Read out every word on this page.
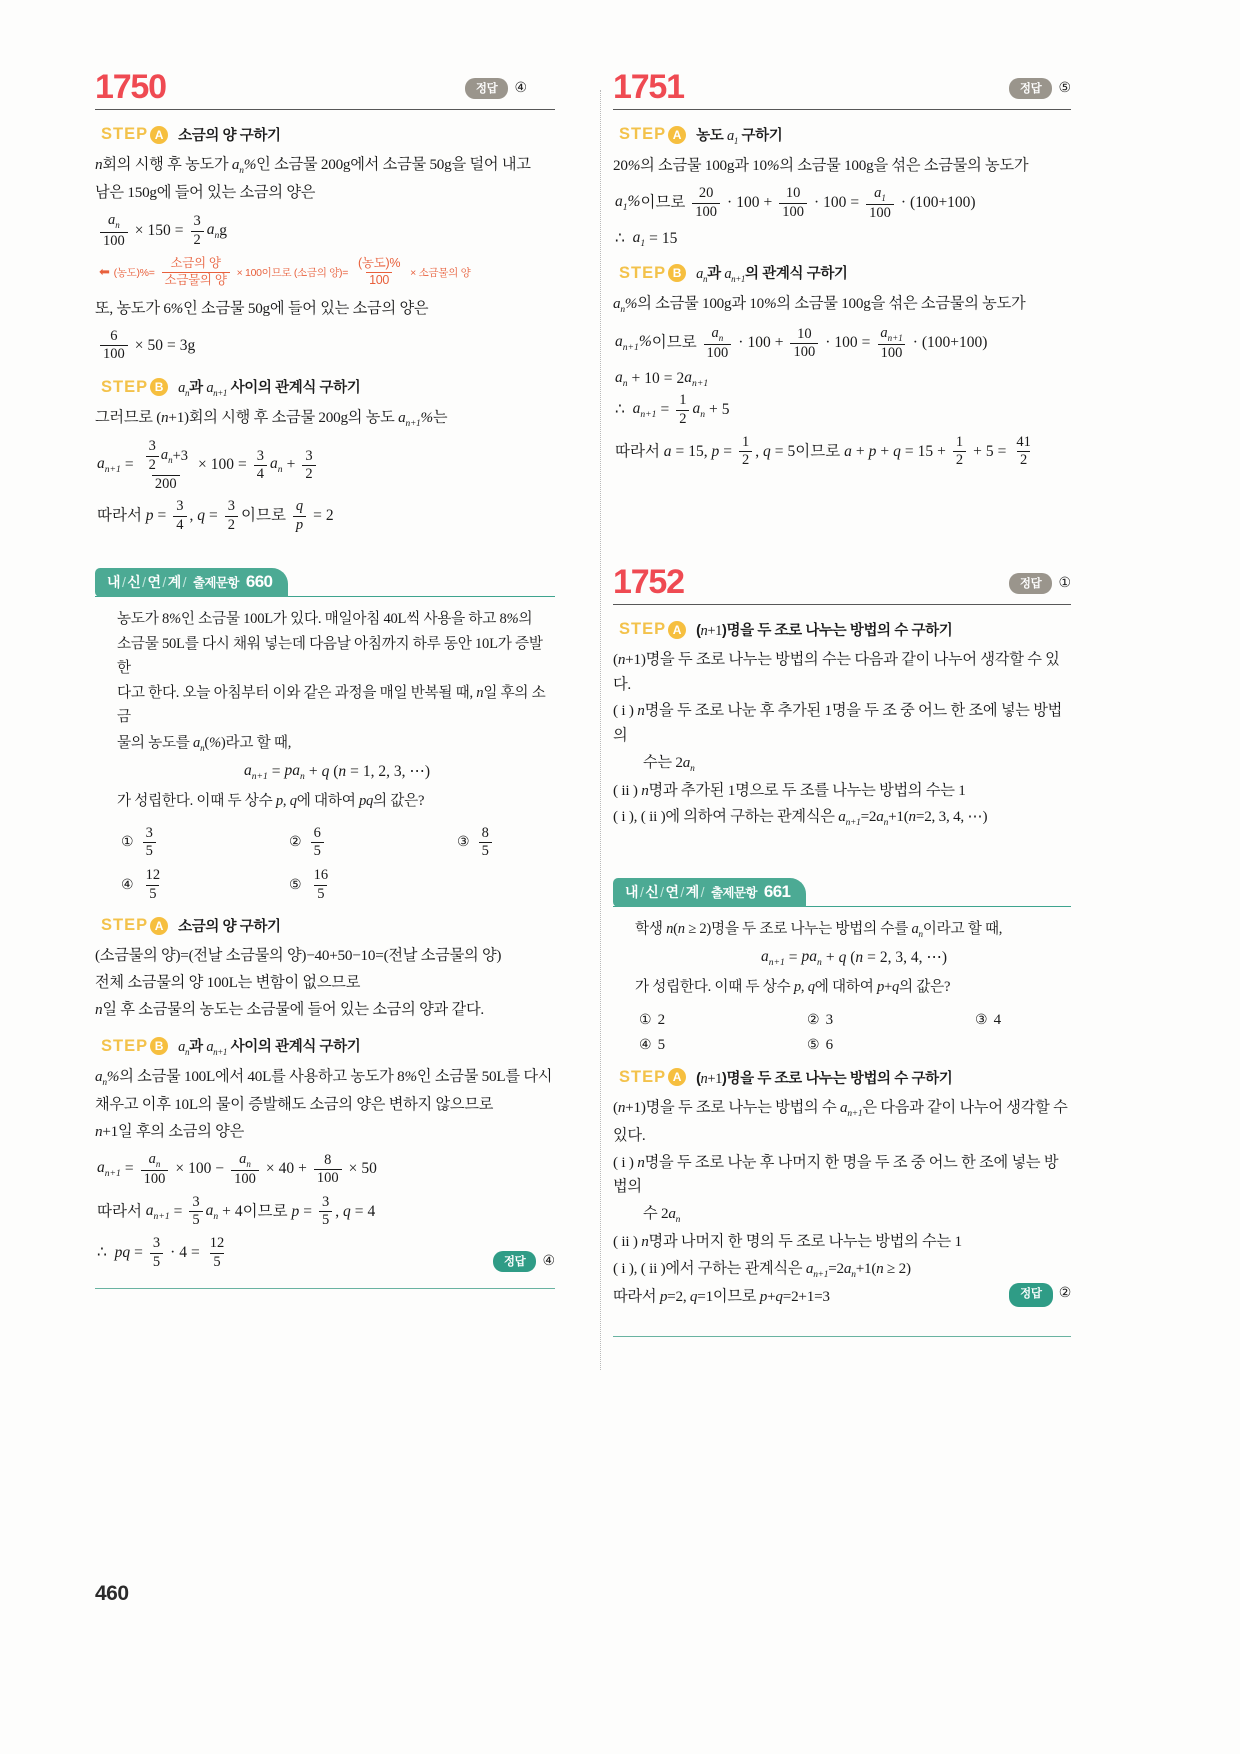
1750	정답	④
STEP A	소금의 양 구하기
n회의 시행 후 농도가 $a_n\%$인 소금물 200g에서 소금물 50g을 덜어 내고
남은 150g에 들어 있는 소금의 양은
$\frac{a_n}{100} \times 150 = \frac{3}{2} a_n$ g
⬅ (농도)%= $\frac{\text{소금의 양}}{\text{소금물의 양}} \times 100$이므로 (소금의 양)= $\frac{\text{(농도)\%}}{100}$ × 소금물의 양
또, 농도가 6%인 소금물 50g에 들어 있는 소금의 양은
$\frac{6}{100} \times 50 = 3g$
STEP B	$a_n$과 $a_{n+1}$ 사이의 관계식 구하기
그러므로 (n+1)회의 시행 후 소금물 200g의 농도 $a_{n+1}\%$는
$a_{n+1} = \frac{\frac{3}{2} a_n +3}{200} \times 100 = \frac{3}{4} a_n + \frac{3}{2}$
따라서 $p = \frac{3}{4}$ , $q = \frac{3}{2}$ 이므로 $\frac{q}{p} = 2$
내 / 신 / 연 / 계 / 출제문항 660
농도가 8%인 소금물 100L가 있다. 매일아침 40L씩 사용을 하고 8%의
소금물 50L를 다시 채워 넣는데 다음날 아침까지 하루 동안 10L가 증발한
다고 한다. 오늘 아침부터 이와 같은 과정을 매일 반복될 때, n일 후의 소금
물의 농도를 $a_n(\%)$라고 할 때,
$a_{n+1} = pa_n + q$ ( n = 1, 2, 3, ⋯)
가 성립한다. 이때 두 상수 p, q에 대하여 pq의 값은?
① $\frac{3}{5}$	② $\frac{6}{5}$	③ $\frac{8}{5}$
④ $\frac{12}{5}$	⑤ $\frac{16}{5}$
STEP A	소금의 양 구하기
(소금물의 양)=(전날 소금물의 양)−40+50−10=(전날 소금물의 양)
전체 소금물의 양 100L는 변함이 없으므로
n일 후 소금물의 농도는 소금물에 들어 있는 소금의 양과 같다.
STEP B	$a_n$과 $a_{n+1}$ 사이의 관계식 구하기
$a_n\%$의 소금물 100L에서 40L를 사용하고 농도가 8%인 소금물 50L를 다시
채우고 이후 10L의 물이 증발해도 소금의 양은 변하지 않으므로
n+1일 후의 소금의 양은
$a_{n+1} = \frac{a_n}{100} \times 100 - \frac{a_n}{100} \times 40 + \frac{8}{100} \times 50$
따라서 $a_{n+1} = \frac{3}{5} a_n + 4$이므로 $p = \frac{3}{5}$ , q = 4
∴ pq = $\frac{3}{5} \cdot 4 = \frac{12}{5}$	정답	④
1751	정답	⑤
STEP A	농도 $a_1$ 구하기
20%의 소금물 100g과 10%의 소금물 100g을 섞은 소금물의 농도가
$a_1\%$ 이므로 $\frac{20}{100} \cdot 100 + \frac{10}{100} \cdot 100 = \frac{a_1}{100} \cdot (100+100)$
∴ $a_1 = 15$
STEP B	$a_n$과 $a_{n+1}$의 관계식 구하기
$a_n\%$의 소금물 100g과 10%의 소금물 100g을 섞은 소금물의 농도가
$a_{n+1}\%$ 이므로 $\frac{a_n}{100} \cdot 100 + \frac{10}{100} \cdot 100 = \frac{a_{n+1}}{100} \cdot (100+100)$
$a_n + 10 = 2$ $a_{n+1}$
∴ $a_{n+1} = \frac{1}{2} a_n + 5$
따라서 a = 15, $p = \frac{1}{2}$ , q = 5이므로 $a + p + q = 15 + \frac{1}{2} + 5 = \frac{41}{2}$
1752	정답	①
STEP A	(n+1)명을 두 조로 나누는 방법의 수 구하기
(n+1)명을 두 조로 나누는 방법의 수는 다음과 같이 나누어 생각할 수 있다.
( i ) n명을 두 조로 나눈 후 추가된 1명을 두 조 중 어느 한 조에 넣는 방법의
수는 $2a_n$
( ii ) n명과 추가된 1명으로 두 조를 나누는 방법의 수는 1
( i ), ( ii )에 의하여 구하는 관계식은 $a_{n+1}=2a_n+1(n=2$, 3, 4, ⋯)
내 / 신 / 연 / 계 / 출제문항 661
학생 n(n ≥ 2)명을 두 조로 나누는 방법의 수를 $a_n$이라고 할 때,
$a_{n+1} = pa_n + q$ ( n = 2, 3, 4, ⋯)
가 성립한다. 이때 두 상수 p, q에 대하여 p+q의 값은?
① 2	② 3	③ 4
④ 5	⑤ 6
STEP A	(n+1)명을 두 조로 나누는 방법의 수 구하기
(n+1)명을 두 조로 나누는 방법의 수 $a_{n+1}$은 다음과 같이 나누어 생각할 수
있다.
( i ) n명을 두 조로 나눈 후 나머지 한 명을 두 조 중 어느 한 조에 넣는 방법의
수 $2a_n$
( ii ) n명과 나머지 한 명의 두 조로 나누는 방법의 수는 1
( i ), ( ii )에서 구하는 관계식은 $a_{n+1}=2a_n+1(n \ge 2)$
따라서 p=2, q=1이므로 p+q=2+1=3	정답	②
460
